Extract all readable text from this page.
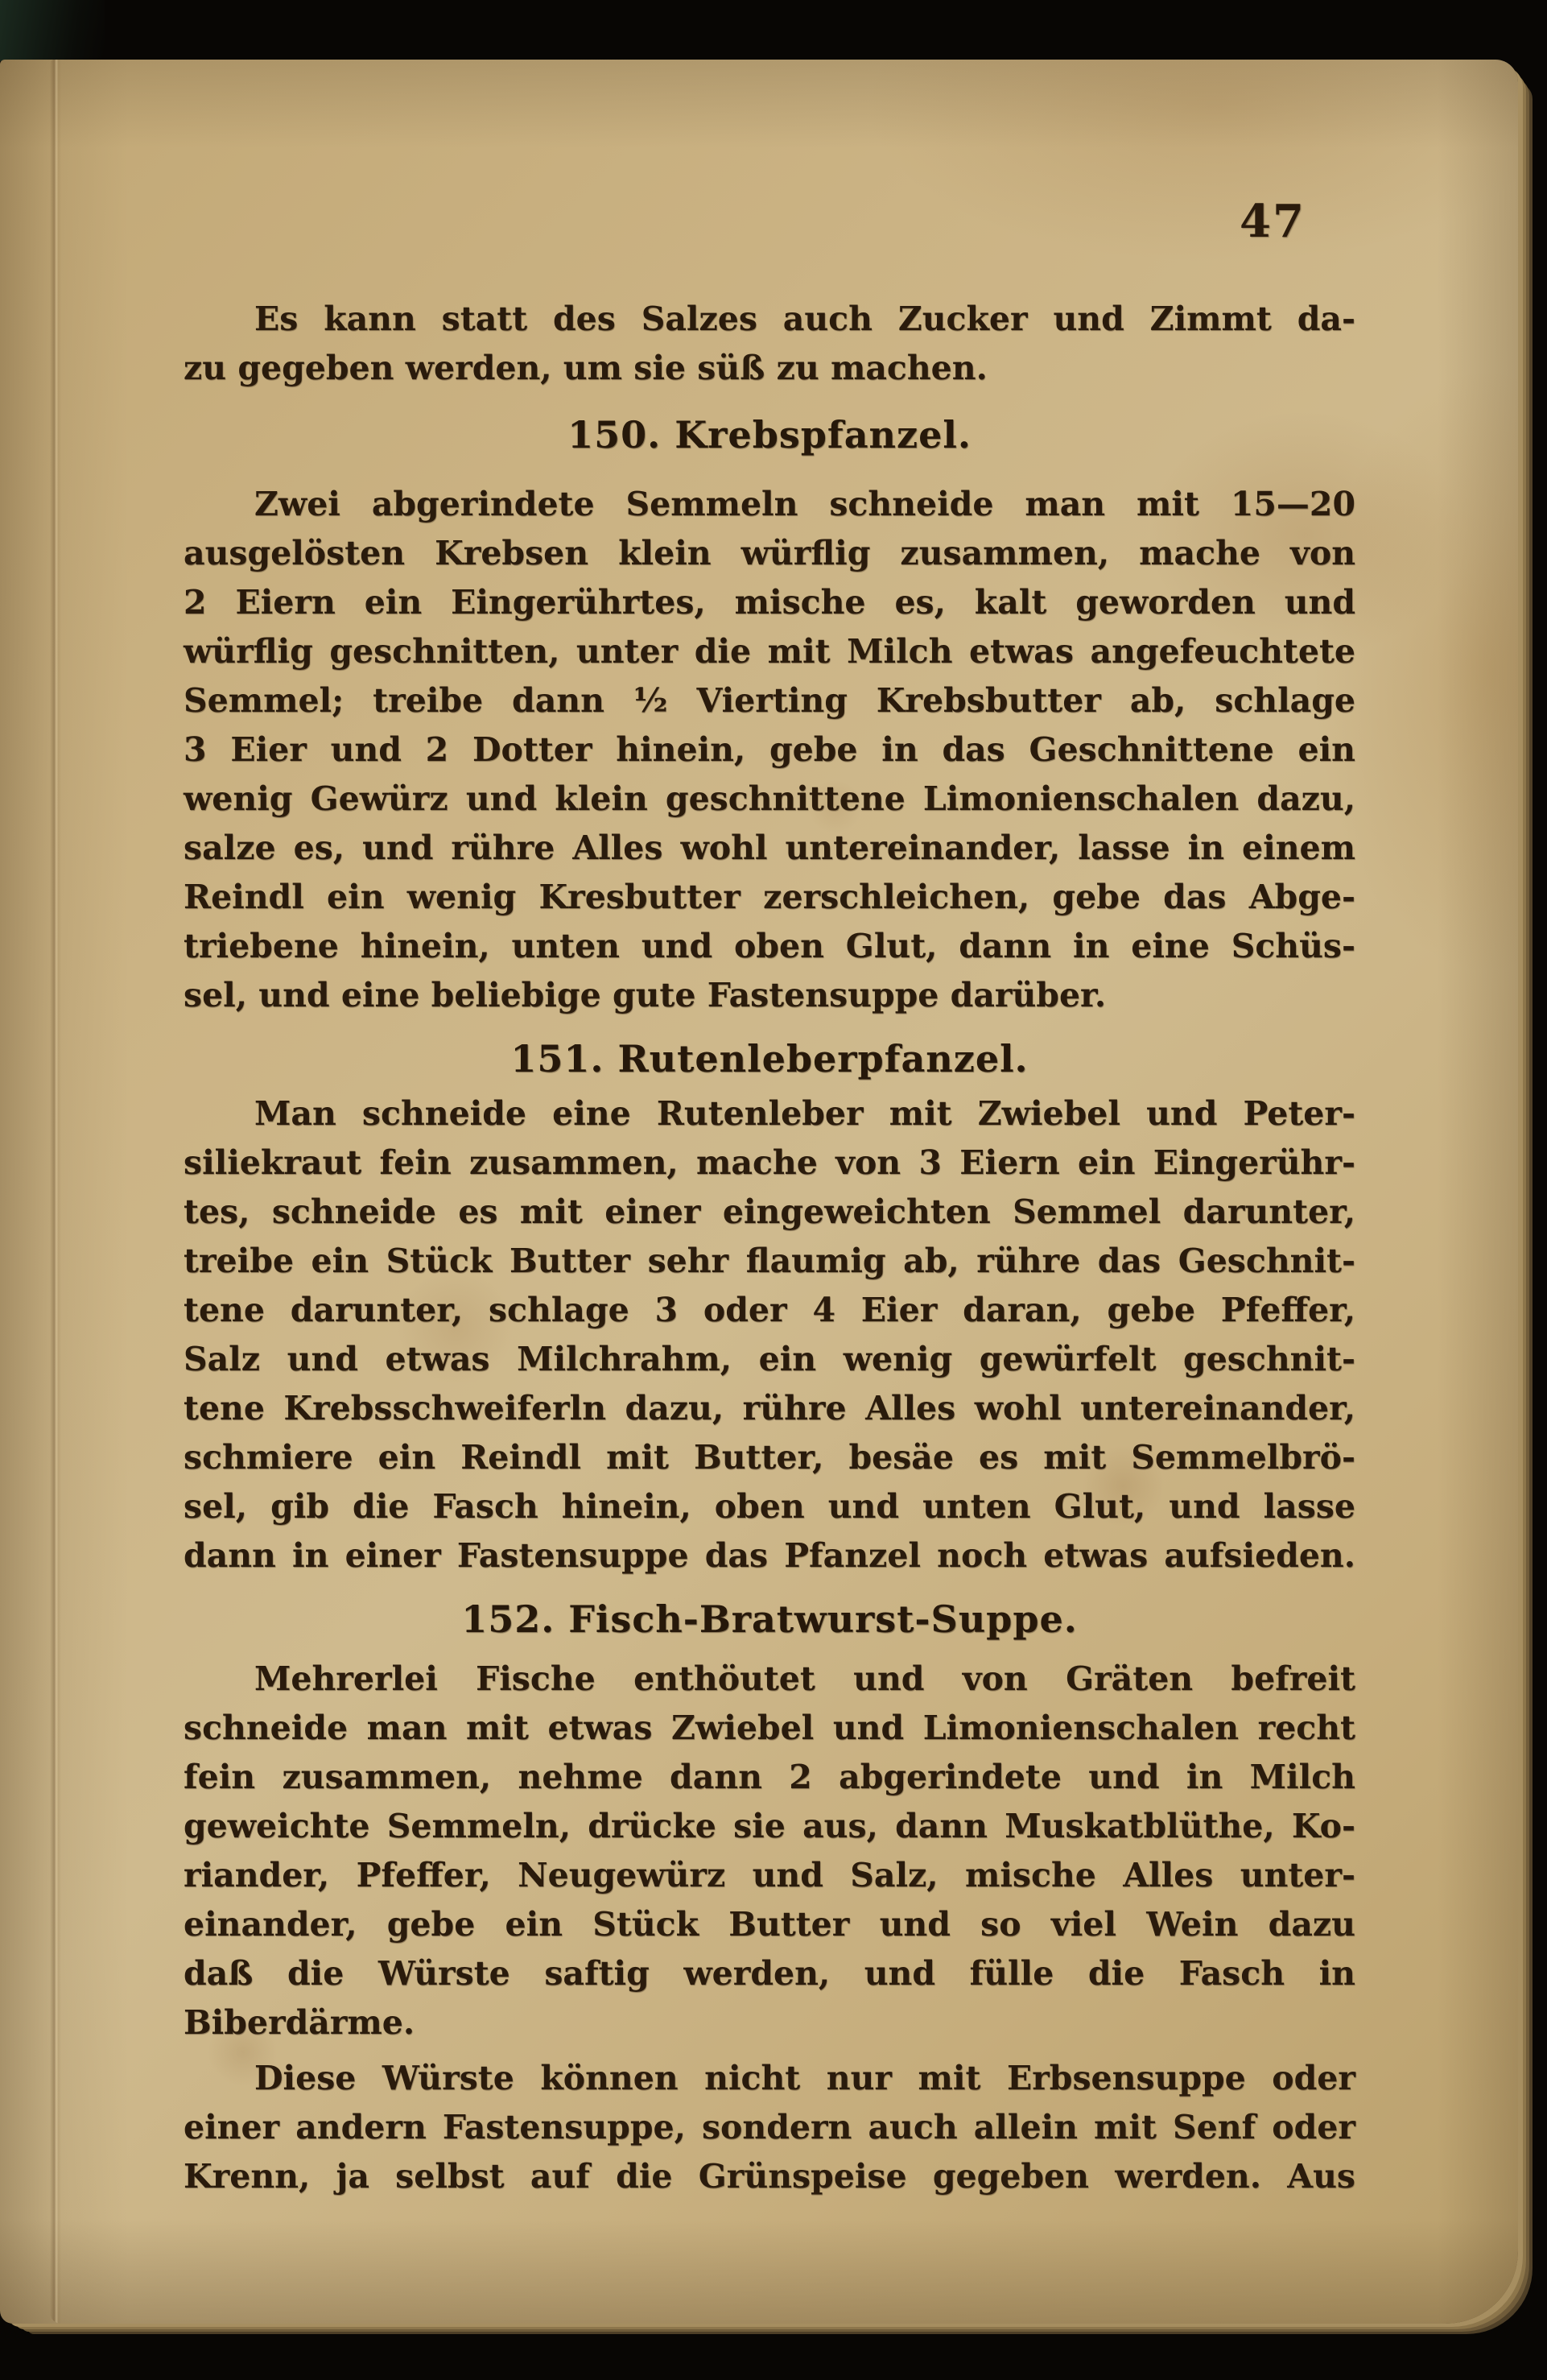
47

Es kann statt des Salzes auch Zucker und Zimmt da-
zu gegeben werden, um sie süß zu machen.

150. Krebspfanzel.

Zwei abgerindete Semmeln schneide man mit 15—20
ausgelösten Krebsen klein würflig zusammen, mache von
2 Eiern ein Eingerührtes, mische es, kalt geworden und
würflig geschnitten, unter die mit Milch etwas angefeuchtete
Semmel; treibe dann ½ Vierting Krebsbutter ab, schlage
3 Eier und 2 Dotter hinein, gebe in das Geschnittene ein
wenig Gewürz und klein geschnittene Limonienschalen dazu,
salze es, und rühre Alles wohl untereinander, lasse in einem
Reindl ein wenig Kresbutter zerschleichen, gebe das Abge-
triebene hinein, unten und oben Glut, dann in eine Schüs-
sel, und eine beliebige gute Fastensuppe darüber.

151. Rutenleberpfanzel.

Man schneide eine Rutenleber mit Zwiebel und Peter-
siliekraut fein zusammen, mache von 3 Eiern ein Eingerühr-
tes, schneide es mit einer eingeweichten Semmel darunter,
treibe ein Stück Butter sehr flaumig ab, rühre das Geschnit-
tene darunter, schlage 3 oder 4 Eier daran, gebe Pfeffer,
Salz und etwas Milchrahm, ein wenig gewürfelt geschnit-
tene Krebsschweiferln dazu, rühre Alles wohl untereinander,
schmiere ein Reindl mit Butter, besäe es mit Semmelbrö-
sel, gib die Fasch hinein, oben und unten Glut, und lasse
dann in einer Fastensuppe das Pfanzel noch etwas aufsieden.

152. Fisch-Bratwurst-Suppe.

Mehrerlei Fische enthöutet und von Gräten befreit
schneide man mit etwas Zwiebel und Limonienschalen recht
fein zusammen, nehme dann 2 abgerindete und in Milch
geweichte Semmeln, drücke sie aus, dann Muskatblüthe, Ko-
riander, Pfeffer, Neugewürz und Salz, mische Alles unter-
einander, gebe ein Stück Butter und so viel Wein dazu
daß die Würste saftig werden, und fülle die Fasch in
Biberdärme.

Diese Würste können nicht nur mit Erbsensuppe oder
einer andern Fastensuppe, sondern auch allein mit Senf oder
Krenn, ja selbst auf die Grünspeise gegeben werden. Aus
